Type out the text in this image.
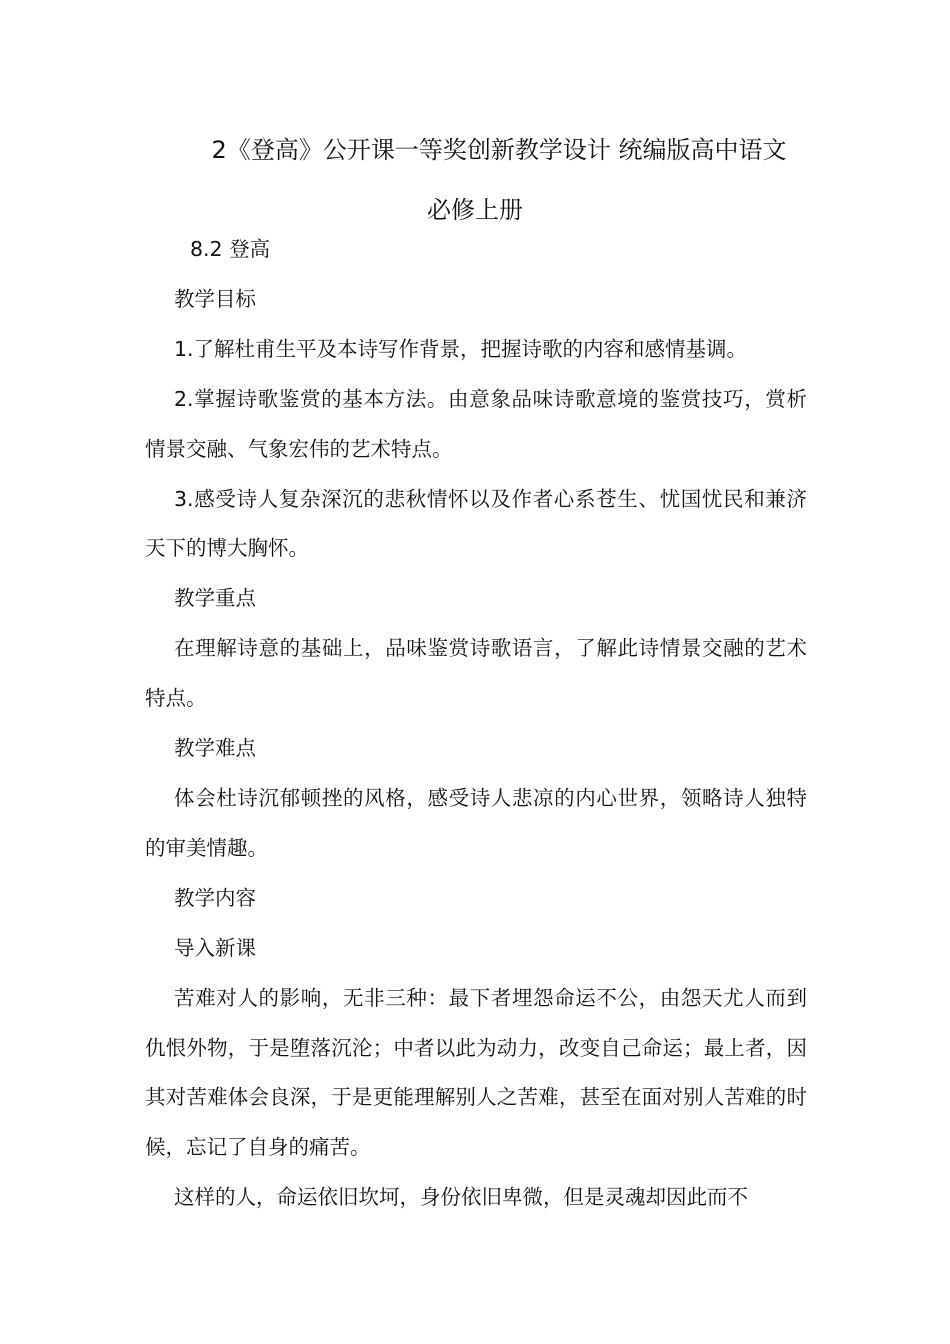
2《登高》公开课一等奖创新教学设计 统编版高中语文
必修上册

8.2 登高

教学目标

1.了解杜甫生平及本诗写作背景，把握诗歌的内容和感情基调。

2.掌握诗歌鉴赏的基本方法。由意象品味诗歌意境的鉴赏技巧，赏析情景交融、气象宏伟的艺术特点。

3.感受诗人复杂深沉的悲秋情怀以及作者心系苍生、忧国忧民和兼济天下的博大胸怀。

教学重点

在理解诗意的基础上，品味鉴赏诗歌语言，了解此诗情景交融的艺术特点。

教学难点

体会杜诗沉郁顿挫的风格，感受诗人悲凉的内心世界，领略诗人独特的审美情趣。

教学内容

导入新课

苦难对人的影响，无非三种：最下者埋怨命运不公，由怨天尤人而到仇恨外物，于是堕落沉沦；中者以此为动力，改变自己命运；最上者，因其对苦难体会良深，于是更能理解别人之苦难，甚至在面对别人苦难的时候，忘记了自身的痛苦。

这样的人，命运依旧坎坷，身份依旧卑微，但是灵魂却因此而不
